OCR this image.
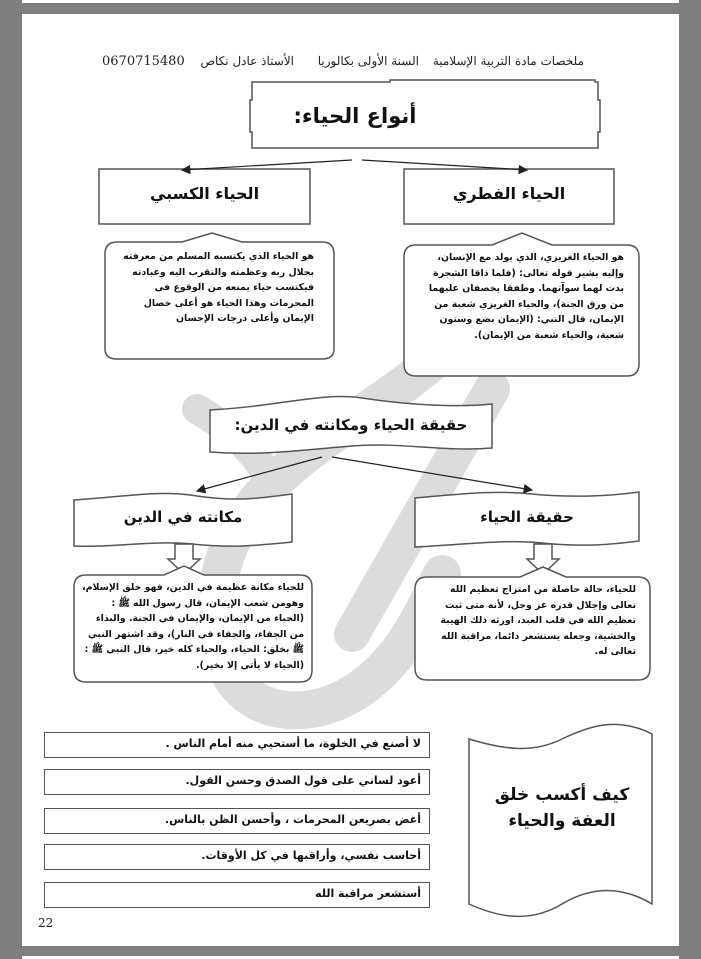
ملخصات مادة التربية الإسلامية
السنة الأولى بكالوريا
الأستاذ عادل نكاص
0670715480
أنواع الحياء:
الحياء الكسبي	الحياء الفطري
هو الحياء الذي يكتسبه المسلم من معرفته بجلال ربه وعظمته والتقرب اليه وعبادته فيكتسب حياء يمنعه من الوقوع في المحرمات وهذا الحياء هو أعلى خصال الإيمان وأعلى درجات الإحسان
هو الحياء الغريزي، الذي يولد مع الإنسان، وإليه يشير قوله تعالى: (فلما ذاقا الشجرة بدت لهما سوآتهما. وطفقا يخصفان عليهما من ورق الجنة)، والحياء الغريزي شعبة من الإيمان، قال النبي: (الإيمان بضع وستون شعبة، والحياء شعبة من الإيمان).
حقيقة الحياء ومكانته في الدين:
مكانته في الدين	حقيقة الحياء
للحياء مكانة عظيمة في الدين، فهو خلق الإسلام، وهومن شعب الإيمان، قال رسول الله ﷺ : (الحياء من الإيمان، والإيمان في الجنة. والبذاء من الجفاء، والجفاء في النار)، وقد اشتهر النبي ﷺ بخلق: الحياء، والحياء كله خير، قال النبي ﷺ : (الحياء لا يأتي إلا بخير).
للحياء، حالة حاصلة من امتزاج تعظيم الله تعالى وإجلال قدره عز وجل، لأنه متى ثبت تعظيم الله في قلب العبد، اورثه ذلك الهيبة والخشية، وجعله يستشعر دائما، مراقبة الله تعالى له.
كيف أكسب خلق العفة والحياء
لا أصنع في الخلوة، ما أستحيي منه أمام الناس .
أعود لساني على قول الصدق وحسن القول.
أغض بصريعن المحرمات ، وأحسن الظن بالناس.
أحاسب نفسي، وأراقبها في كل الأوقات.
أستشعر مراقبة الله
22
